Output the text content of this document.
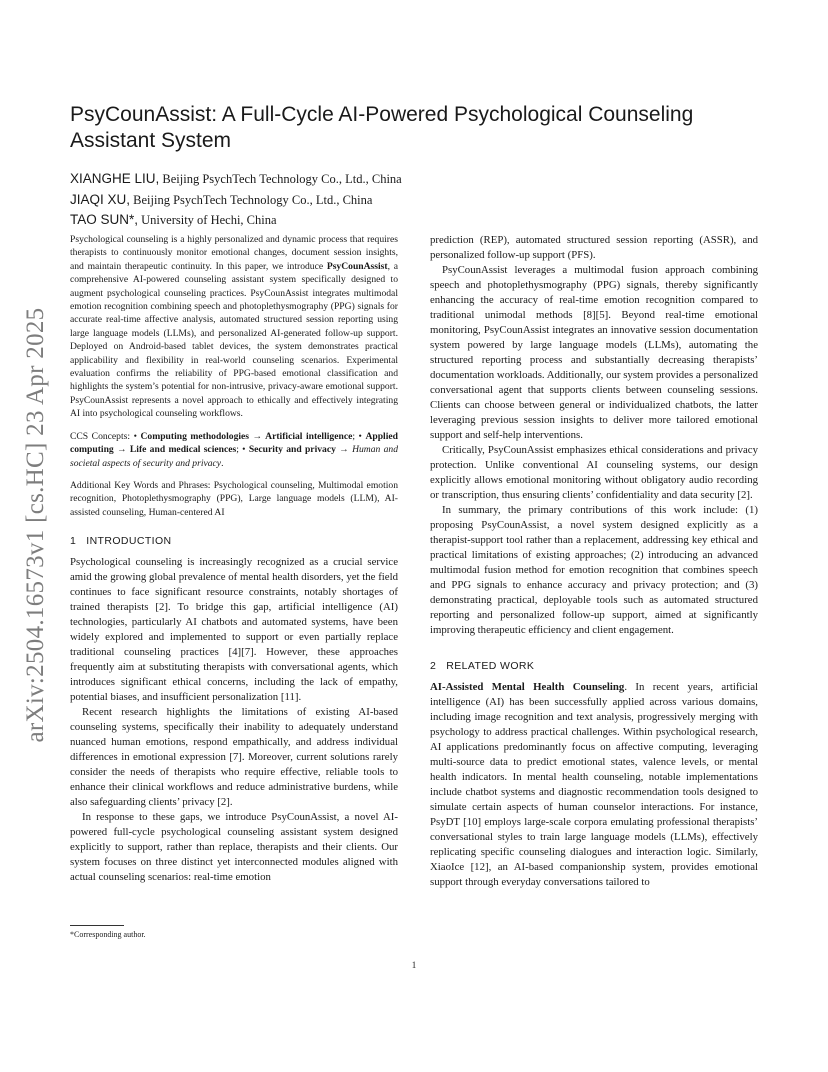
arXiv:2504.16573v1 [cs.HC] 23 Apr 2025
PsyCounAssist: A Full-Cycle AI-Powered Psychological Counseling Assistant System
XIANGHE LIU, Beijing PsychTech Technology Co., Ltd., China
JIAQI XU, Beijing PsychTech Technology Co., Ltd., China
TAO SUN*, University of Hechi, China

Psychological counseling is a highly personalized and dynamic process that requires therapists to continuously monitor emotional changes, document session insights, and maintain therapeutic continuity. In this paper, we introduce PsyCounAssist, a comprehensive AI-powered counseling assistant system specifically designed to augment psychological counseling practices. PsyCounAssist integrates multimodal emotion recognition combining speech and photoplethysmography (PPG) signals for accurate real-time affective analysis, automated structured session reporting using large language models (LLMs), and personalized AI-generated follow-up support. Deployed on Android-based tablet devices, the system demonstrates practical applicability and flexibility in real-world counseling scenarios. Experimental evaluation confirms the reliability of PPG-based emotional classification and highlights the system’s potential for non-intrusive, privacy-aware emotional support. PsyCounAssist represents a novel approach to ethically and effectively integrating AI into psychological counseling workflows.

CCS Concepts: • Computing methodologies → Artificial intelligence; • Applied computing → Life and medical sciences; • Security and privacy → Human and societal aspects of security and privacy.
Additional Key Words and Phrases: Psychological counseling, Multimodal emotion recognition, Photoplethysmography (PPG), Large language models (LLM), AI-assisted counseling, Human-centered AI
1 INTRODUCTION

Psychological counseling is increasingly recognized as a crucial service amid the growing global prevalence of mental health disorders, yet the field continues to face significant resource constraints, notably shortages of trained therapists [2]. To bridge this gap, artificial intelligence (AI) technologies, particularly AI chatbots and automated systems, have been widely explored and implemented to support or even partially replace traditional counseling practices [4][7]. However, these approaches frequently aim at substituting therapists with conversational agents, which introduces significant ethical concerns, including the lack of empathy, potential biases, and insufficient personalization [11].

Recent research highlights the limitations of existing AI-based counseling systems, specifically their inability to adequately understand nuanced human emotions, respond empathically, and address individual differences in emotional expression [7]. Moreover, current solutions rarely consider the needs of therapists who require effective, reliable tools to enhance their clinical workflows and reduce administrative burdens, while also safeguarding clients’ privacy [2].

In response to these gaps, we introduce PsyCounAssist, a novel AI-powered full-cycle psychological counseling assistant system designed explicitly to support, rather than replace, therapists and their clients. Our system focuses on three distinct yet interconnected modules aligned with actual counseling scenarios: real-time emotion

prediction (REP), automated structured session reporting (ASSR), and personalized follow-up support (PFS).

PsyCounAssist leverages a multimodal fusion approach combining speech and photoplethysmography (PPG) signals, thereby significantly enhancing the accuracy of real-time emotion recognition compared to traditional unimodal methods [8][5]. Beyond real-time emotional monitoring, PsyCounAssist integrates an innovative session documentation system powered by large language models (LLMs), automating the structured reporting process and substantially decreasing therapists’ documentation workloads. Additionally, our system provides a personalized conversational agent that supports clients between counseling sessions. Clients can choose between general or individualized chatbots, the latter leveraging previous session insights to deliver more tailored emotional support and self-help interventions.

Critically, PsyCounAssist emphasizes ethical considerations and privacy protection. Unlike conventional AI counseling systems, our design explicitly allows emotional monitoring without obligatory audio recording or transcription, thus ensuring clients’ confidentiality and data security [2].

In summary, the primary contributions of this work include: (1) proposing PsyCounAssist, a novel system designed explicitly as a therapist-support tool rather than a replacement, addressing key ethical and practical limitations of existing approaches; (2) introducing an advanced multimodal fusion method for emotion recognition that combines speech and PPG signals to enhance accuracy and privacy protection; and (3) demonstrating practical, deployable tools such as automated structured reporting and personalized follow-up support, aimed at significantly improving therapeutic efficiency and client engagement.

2 RELATED WORK

AI-Assisted Mental Health Counseling. In recent years, artificial intelligence (AI) has been successfully applied across various domains, including image recognition and text analysis, progressively merging with psychology to address practical challenges. Within psychological research, AI applications predominantly focus on affective computing, leveraging multi-source data to predict emotional states, valence levels, or mental health indicators. In mental health counseling, notable implementations include chatbot systems and diagnostic recommendation tools designed to simulate certain aspects of human counselor interactions. For instance, PsyDT [10] employs large-scale corpora emulating professional therapists’ conversational styles to train large language models (LLMs), effectively replicating specific counseling dialogues and interaction logic. Similarly, XiaoIce [12], an AI-based companionship system, provides emotional support through everyday conversations tailored to

*Corresponding author.
1
